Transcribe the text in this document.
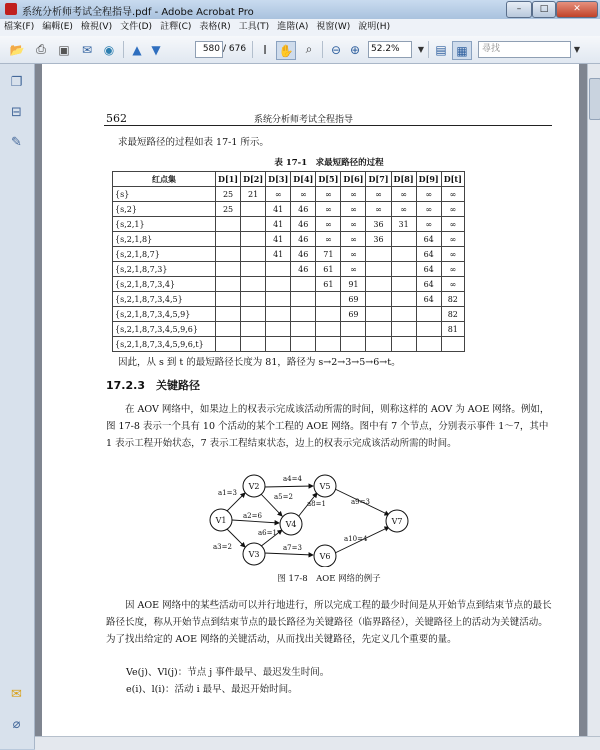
系统分析师考试全程指导.pdf - Adobe Acrobat Pro	–	□	✕
檔案(F) 編輯(E) 檢視(V) 文件(D) 註釋(C) 表格(R) 工具(T) 進階(A) 視窗(W) 說明(H)
📂 ⎙	▣	✉ ◉	▲ ▼	580 / 676	I ✋	⌕	⊖ ⊕	52.2%	▼ ▤ ▦	尋找	▼
❐
⊟
✎
✉
⌀
562	系统分析师考试全程指导
求最短路径的过程如表 17-1 所示。
表 17-1　求最短路径的过程
红点集	D[1]	D[2]	D[3]	D[4]	D[5]	D[6]	D[7]	D[8]	D[9]	D[t]
{s}	25	21	∞	∞	∞	∞	∞	∞	∞	∞
{s,2}	25		41	46	∞	∞	∞	∞	∞	∞
{s,2,1}			41	46	∞	∞	36	31	∞	∞
{s,2,1,8}			41	46	∞	∞	36		64	∞
{s,2,1,8,7}			41	46	71	∞			64	∞
{s,2,1,8,7,3}				46	61	∞			64	∞
{s,2,1,8,7,3,4}					61	91			64	∞
{s,2,1,8,7,3,4,5}						69			64	82
{s,2,1,8,7,3,4,5,9}						69				82
{s,2,1,8,7,3,4,5,9,6}										81
{s,2,1,8,7,3,4,5,9,6,t}										
因此，从 s 到 t 的最短路径长度为 81，路径为 s→2→3→5→6→t。
17.2.3　关键路径
在 AOV 网络中，如果边上的权表示完成该活动所需的时间，则称这样的 AOV 为 AOE 网络。例如，图 17-8 表示一个具有 10 个活动的某个工程的 AOE 网络。图中有 7 个节点，分别表示事件 1～7，其中 1 表示工程开始状态，7 表示工程结束状态，边上的权表示完成该活动所需的时间。
V1
V2
V3
V4
V5
V6
V7
a1=3
a2=6
a3=2
a4=4
a5=2
a6=1
a7=3
a8=1	a9=3
a10=4
图 17-8　AOE 网络的例子
因 AOE 网络中的某些活动可以并行地进行，所以完成工程的最少时间是从开始节点到结束节点的最长路径长度，称从开始节点到结束节点的最长路径为关键路径（临界路径），关键路径上的活动为关键活动。为了找出给定的 AOE 网络的关键活动，从而找出关键路径，先定义几个重要的量。
Ve(j)、Vl(j)：节点 j 事件最早、最迟发生时间。
e(i)、l(i)：活动 i 最早、最迟开始时间。
